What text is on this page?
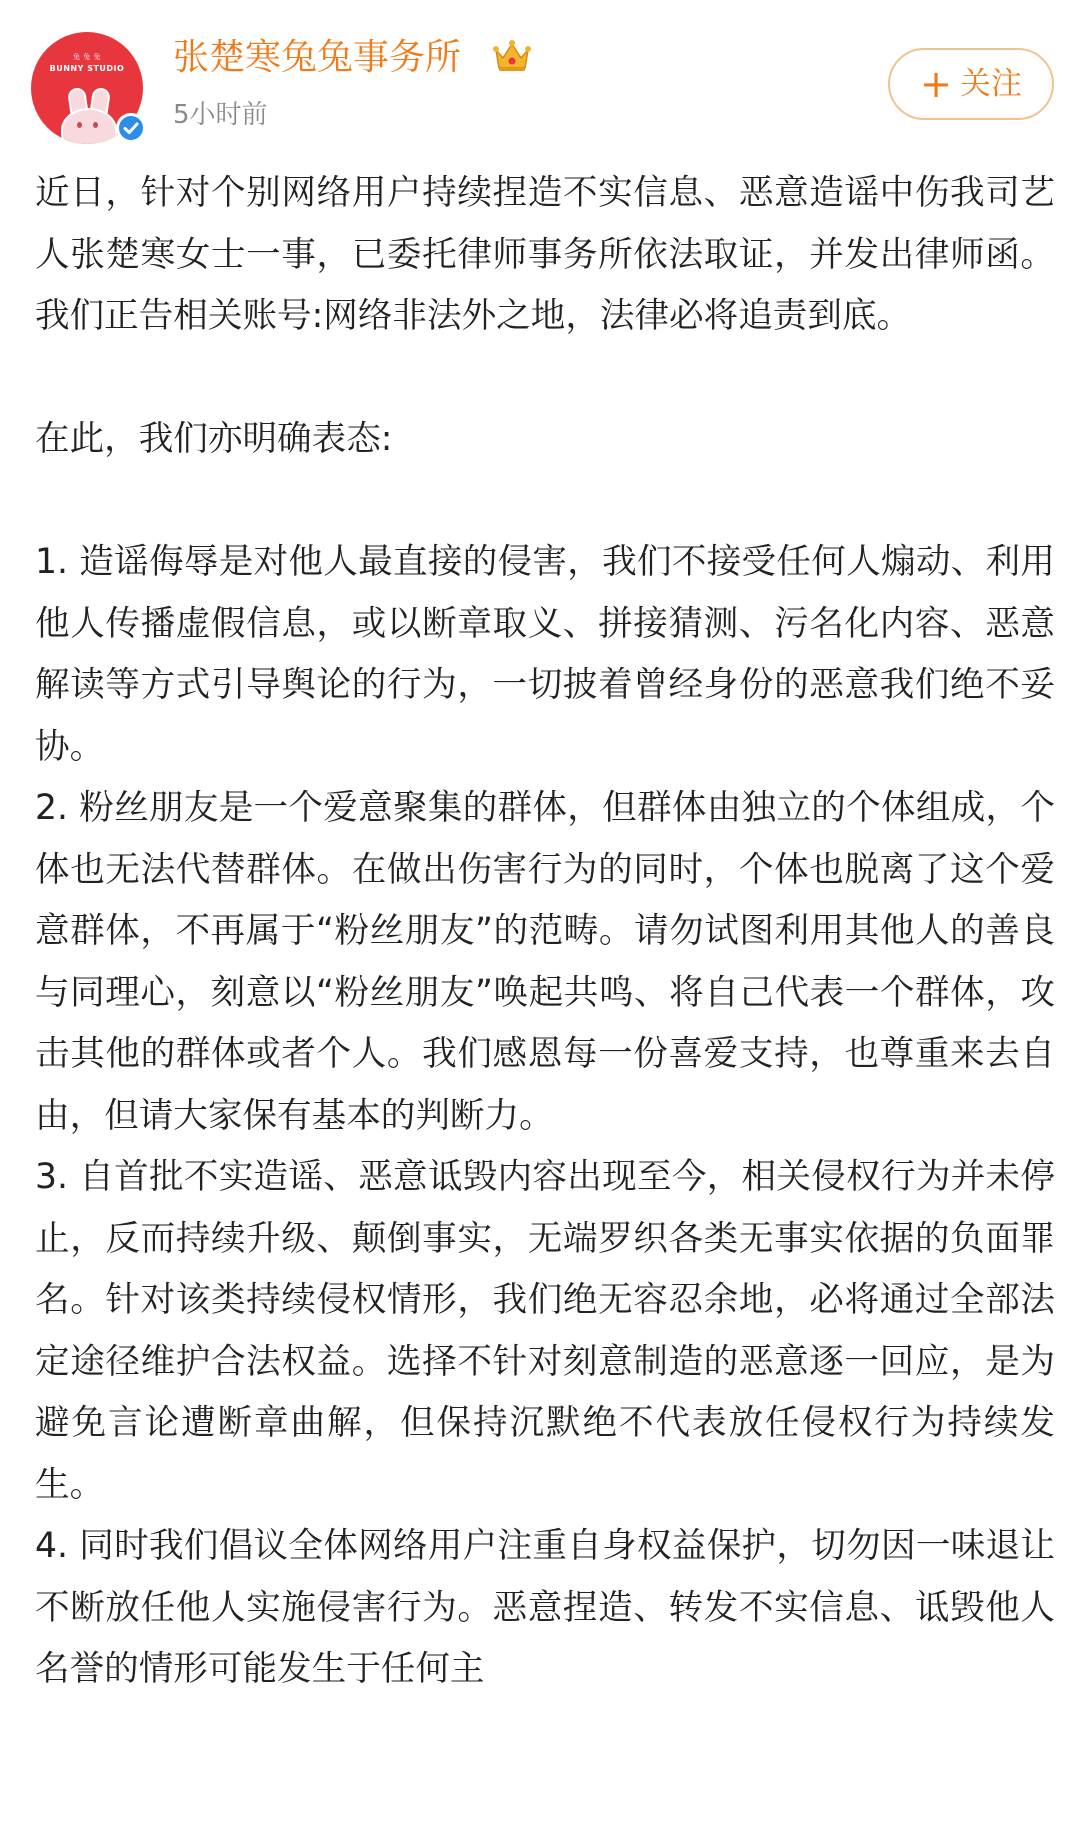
兔 兔 兔
BUNNY STUDIO	张楚寒兔兔事务所
5小时前
+ 关注

近日，针对个别网络用户持续捏造不实信息、恶意造谣中伤我司艺人张楚寒女士一事，已委托律师事务所依法取证，并发出律师函。我们正告相关账号:网络非法外之地，法律必将追责到底。

在此，我们亦明确表态:

1. 造谣侮辱是对他人最直接的侵害，我们不接受任何人煽动、利用他人传播虚假信息，或以断章取义、拼接猜测、污名化内容、恶意解读等方式引导舆论的行为，一切披着曾经身份的恶意我们绝不妥协。

2. 粉丝朋友是一个爱意聚集的群体，但群体由独立的个体组成，个体也无法代替群体。在做出伤害行为的同时，个体也脱离了这个爱意群体，不再属于“粉丝朋友”的范畴。请勿试图利用其他人的善良与同理心，刻意以“粉丝朋友”唤起共鸣、将自己代表一个群体，攻击其他的群体或者个人。我们感恩每一份喜爱支持，也尊重来去自由，但请大家保有基本的判断力。

3. 自首批不实造谣、恶意诋毁内容出现至今，相关侵权行为并未停止，反而持续升级、颠倒事实，无端罗织各类无事实依据的负面罪名。针对该类持续侵权情形，我们绝无容忍余地，必将通过全部法定途径维护合法权益。选择不针对刻意制造的恶意逐一回应，是为避免言论遭断章曲解，但保持沉默绝不代表放任侵权行为持续发生。

4. 同时我们倡议全体网络用户注重自身权益保护，切勿因一味退让不断放任他人实施侵害行为。恶意捏造、转发不实信息、诋毁他人名誉的情形可能发生于任何主
